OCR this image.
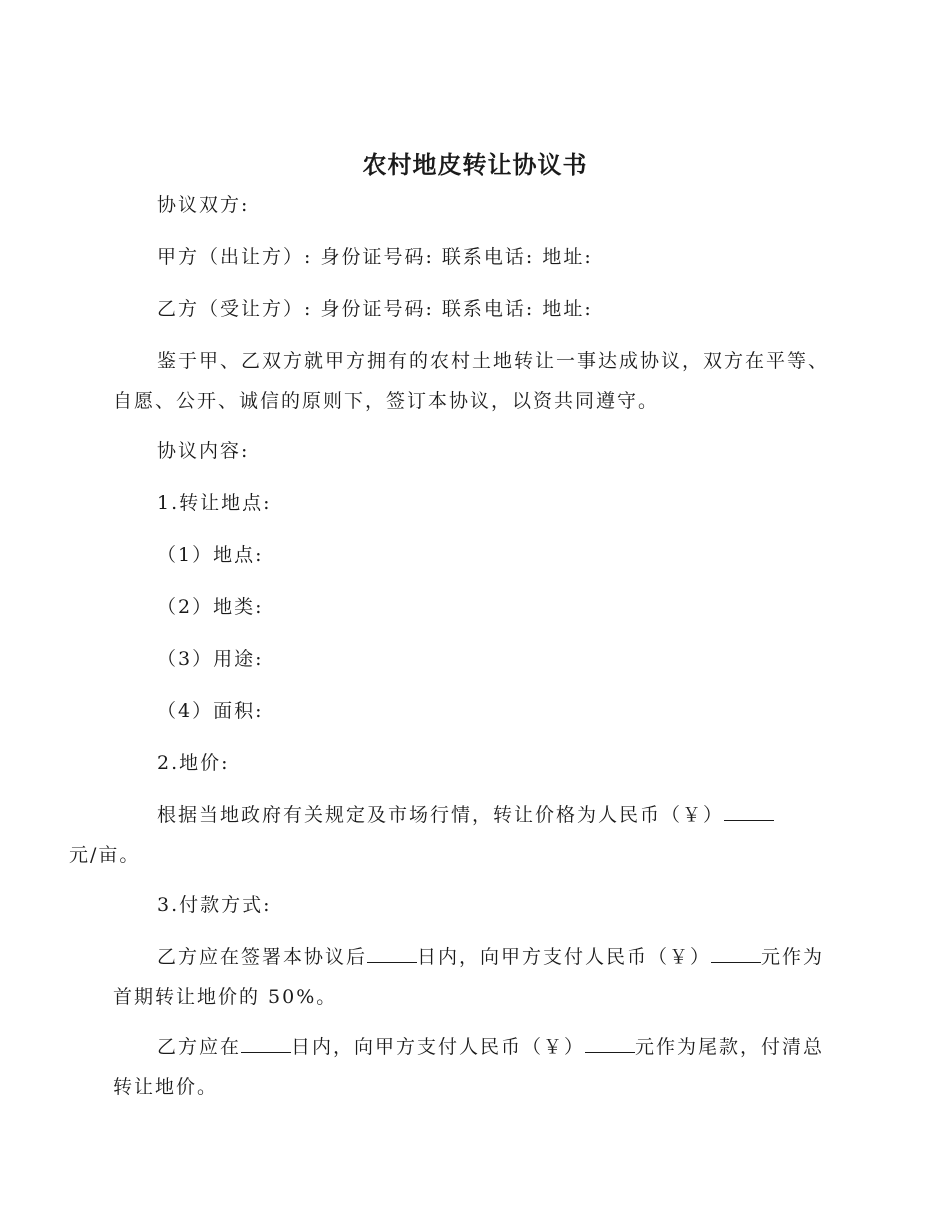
农村地皮转让协议书

协议双方:

甲方（出让方）: 身份证号码: 联系电话: 地址:

乙方（受让方）: 身份证号码: 联系电话: 地址:

鉴于甲、乙双方就甲方拥有的农村土地转让一事达成协议，双方在平等、自愿、公开、诚信的原则下，签订本协议，以资共同遵守。

协议内容:

1.转让地点:

（1）地点:

（2）地类:

（3）用途:

（4）面积:

2.地价:

根据当地政府有关规定及市场行情，转让价格为人民币（￥）
元/亩。

3.付款方式:

乙方应在签署本协议后	日内，向甲方支付人民币（￥）	元作为首期转让地价的 50%。

乙方应在	日内，向甲方支付人民币（￥）	元作为尾款，付清总转让地价。
